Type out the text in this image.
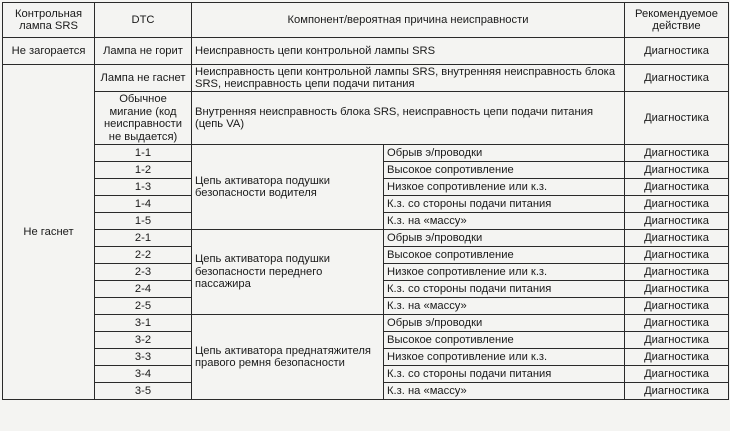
Контрольная лампа SRS	DTC	Компонент/вероятная причина неисправности		Рекомендуемое действие
Не загорается	Лампа не горит	Неисправность цепи контрольной лампы SRS		Диагностика
Не гаснет	Лампа не гаснет	Неисправность цепи контрольной лампы SRS, внутренняя неисправность блока SRS, неисправность цепи подачи питания		Диагностика
	Обычное мигание (код неисправности не выдается)	Внутренняя неисправность блока SRS, неисправность цепи подачи питания (цепь VA)		Диагностика
	1-1	Цепь активатора подушки безопасности водителя	Обрыв э/проводки	Диагностика
	1-2		Высокое сопротивление	Диагностика
	1-3		Низкое сопротивление или к.з.	Диагностика
	1-4		К.з. со стороны подачи питания	Диагностика
	1-5		К.з. на «массу»	Диагностика
	2-1	Цепь активатора подушки безопасности переднего пассажира	Обрыв э/проводки	Диагностика
	2-2		Высокое сопротивление	Диагностика
	2-3		Низкое сопротивление или к.з.	Диагностика
	2-4		К.з. со стороны подачи питания	Диагностика
	2-5		К.з. на «массу»	Диагностика
	3-1	Цепь активатора преднатяжителя правого ремня безопасности	Обрыв э/проводки	Диагностика
	3-2		Высокое сопротивление	Диагностика
	3-3		Низкое сопротивление или к.з.	Диагностика
	3-4		К.з. со стороны подачи питания	Диагностика
	3-5		К.з. на «массу»	Диагностика
